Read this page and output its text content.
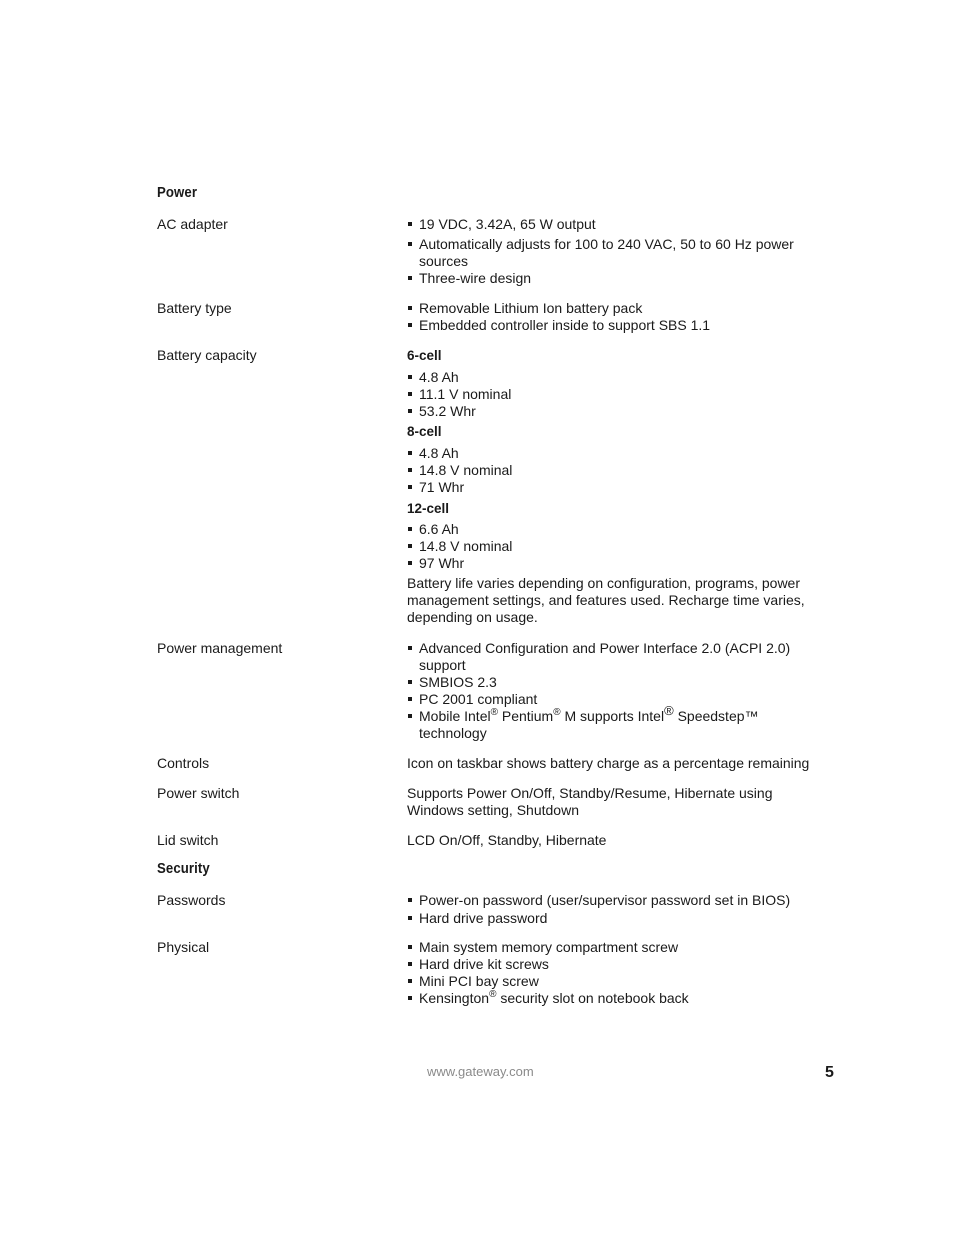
Power
AC adapter	19 VDC, 3.42A, 65 W output
Automatically adjusts for 100 to 240 VAC, 50 to 60 Hz power sources
Three-wire design
Battery type	Removable Lithium Ion battery pack
Embedded controller inside to support SBS 1.1
Battery capacity	6-cell
4.8 Ah
11.1 V nominal
53.2 Whr
8-cell
4.8 Ah
14.8 V nominal
71 Whr
12-cell
6.6 Ah
14.8 V nominal
97 Whr
Battery life varies depending on configuration, programs, power management settings, and features used. Recharge time varies, depending on usage.
Power management	Advanced Configuration and Power Interface 2.0 (ACPI 2.0) support
SMBIOS 2.3
PC 2001 compliant
Mobile Intel® Pentium® M supports Intel® Speedstep™ technology
Controls	Icon on taskbar shows battery charge as a percentage remaining
Power switch	Supports Power On/Off, Standby/Resume, Hibernate using Windows setting, Shutdown
Lid switch	LCD On/Off, Standby, Hibernate
Security
Passwords	Power-on password (user/supervisor password set in BIOS)
Hard drive password
Physical	Main system memory compartment screw
Hard drive kit screws
Mini PCI bay screw
Kensington® security slot on notebook back
www.gateway.com	5
